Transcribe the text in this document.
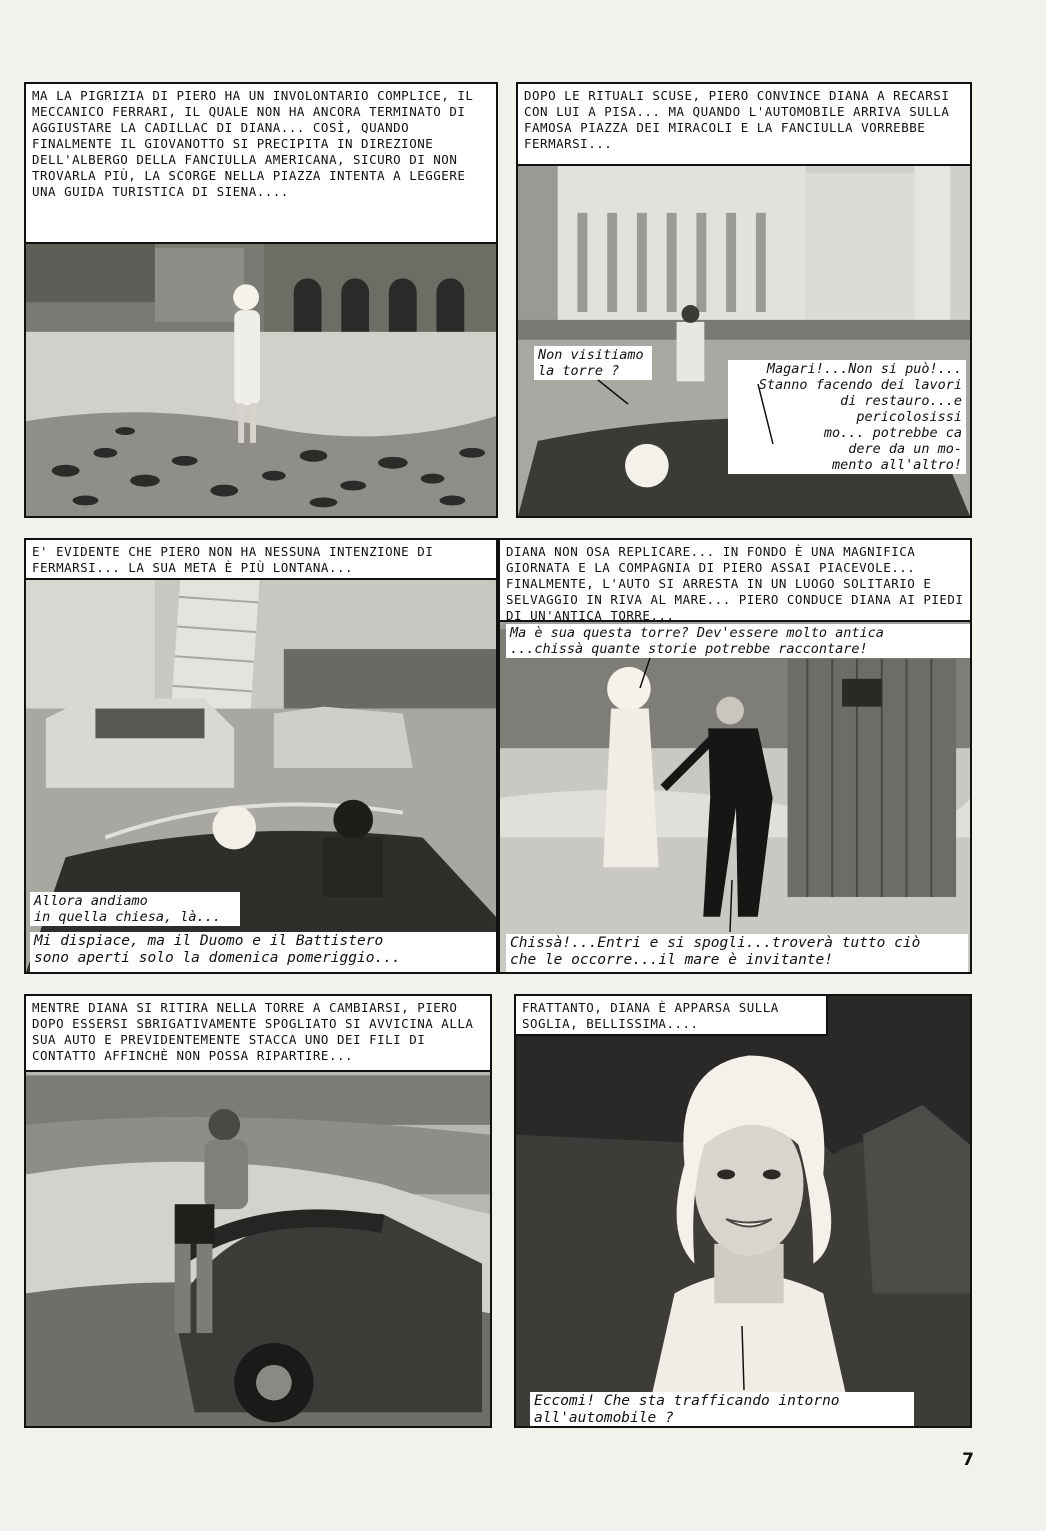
MA LA PIGRIZIA DI PIERO HA UN INVOLONTARIO COMPLICE, IL MECCANICO FERRARI, IL QUALE NON HA ANCORA TERMINATO DI AGGIUSTARE LA CADILLAC DI DIANA... COSÌ, QUANDO FINALMENTE IL GIOVANOTTO SI PRECIPITA IN DIREZIONE DELL'ALBERGO DELLA FANCIULLA AMERICANA, SICURO DI NON TROVARLA PIÙ, LA SCORGE NELLA PIAZZA INTENTA A LEGGERE UNA GUIDA TURISTICA DI SIENA....
DOPO LE RITUALI SCUSE, PIERO CONVINCE DIANA A RECARSI CON LUI A PISA... MA QUANDO L'AUTOMOBILE ARRIVA SULLA FAMOSA PIAZZA DEI MIRACOLI E LA FANCIULLA VORREBBE FERMARSI...
Non visitiamo
la torre ?	Magari!...Non si può!...
Stanno facendo dei lavori
di restauro...e pericolosissi
mo... potrebbe ca
dere da un mo-
mento all'altro!
E' EVIDENTE CHE PIERO NON HA NESSUNA INTENZIONE DI FERMARSI... LA SUA META È PIÙ LONTANA...
Allora andiamo
in quella chiesa, là...
Mi dispiace, ma il Duomo e il Battistero
sono aperti solo la domenica pomeriggio...
DIANA NON OSA REPLICARE... IN FONDO È UNA MAGNIFICA GIORNATA E LA COMPAGNIA DI PIERO ASSAI PIACEVOLE... FINALMENTE, L'AUTO SI ARRESTA IN UN LUOGO SOLITARIO E SELVAGGIO IN RIVA AL MARE... PIERO CONDUCE DIANA AI PIEDI DI UN'ANTICA TORRE...
Ma è sua questa torre? Dev'essere molto antica
...chissà quante storie potrebbe raccontare!
Chissà!...Entri e si spogli...troverà tutto ciò
che le occorre...il mare è invitante!
MENTRE DIANA SI RITIRA NELLA TORRE A CAMBIARSI, PIERO DOPO ESSERSI SBRIGATIVAMENTE SPOGLIATO SI AVVICINA ALLA SUA AUTO E PREVIDENTEMENTE STACCA UNO DEI FILI DI CONTATTO AFFINCHÈ NON POSSA RIPARTIRE...
FRATTANTO, DIANA È APPARSA SULLA SOGLIA, BELLISSIMA....
Eccomi! Che sta trafficando intorno
all'automobile ?
7
